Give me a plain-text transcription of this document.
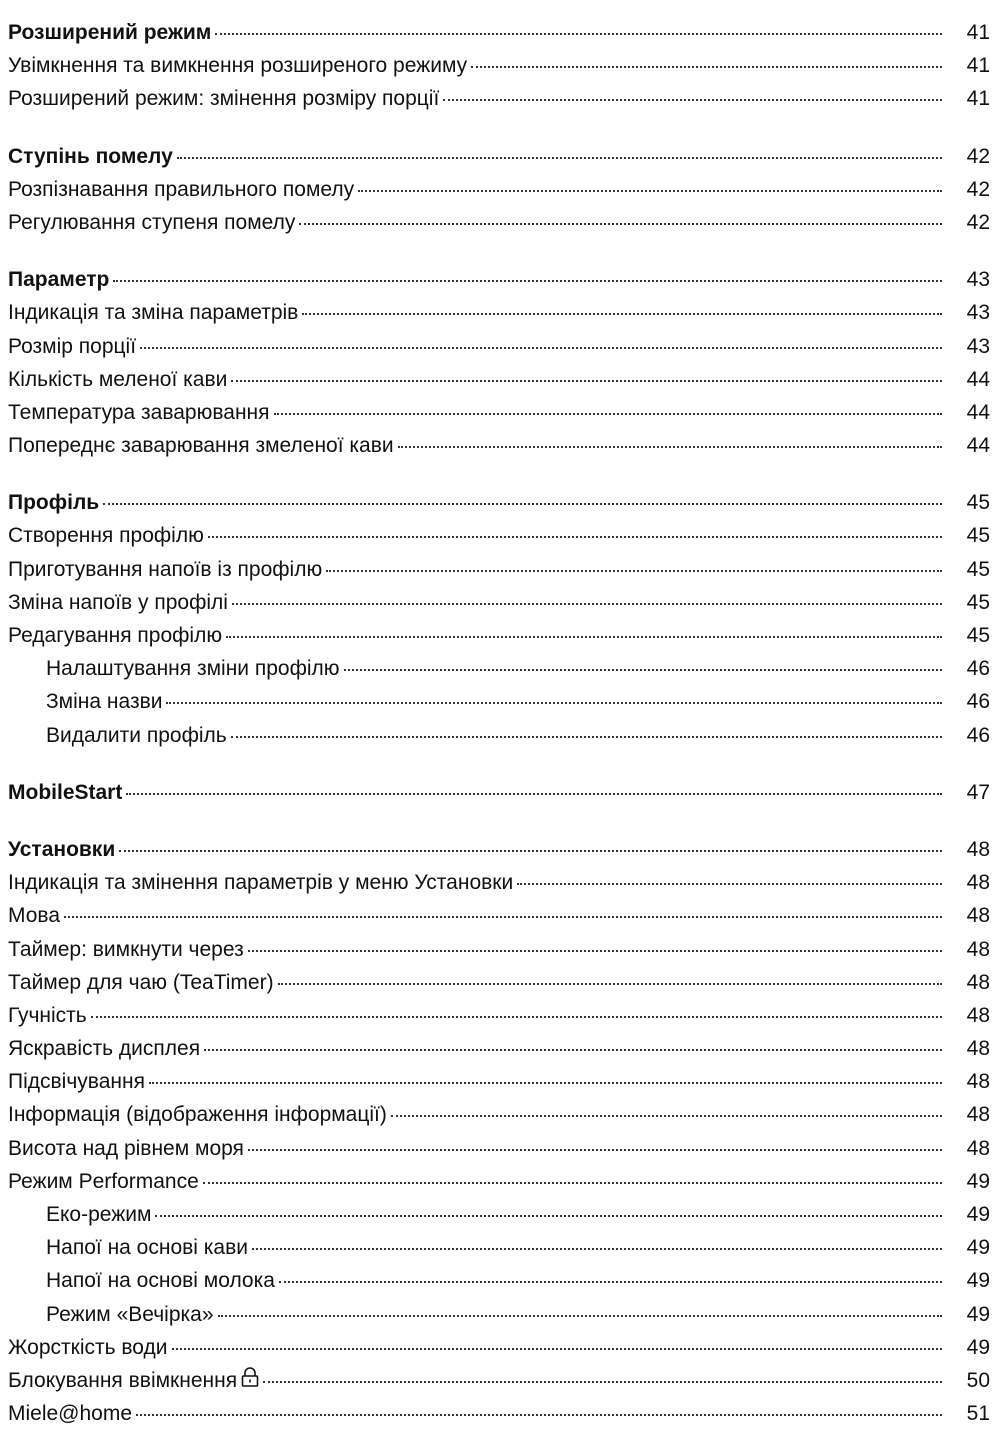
Розширений режим	41
Увімкнення та вимкнення розширеного режиму	41
Розширений режим: змінення розміру порції	41
Ступінь помелу	42
Розпізнавання правильного помелу	42
Регулювання ступеня помелу	42
Параметр	43
Індикація та зміна параметрів	43
Розмір порції	43
Кількість меленої кави	44
Температура заварювання	44
Попереднє заварювання змеленої кави	44
Профіль	45
Створення профілю	45
Приготування напоїв із профілю	45
Зміна напоїв у профілі	45
Редагування профілю	45
Налаштування зміни профілю	46
Зміна назви	46
Видалити профіль	46
MobileStart	47
Установки	48
Індикація та змінення параметрів у меню Установки	48
Мова	48
Таймер: вимкнути через	48
Таймер для чаю (TeaTimer)	48
Гучність	48
Яскравість дисплея	48
Підсвічування	48
Інформація (відображення інформації)	48
Висота над рівнем моря	48
Режим Performance	49
Еко-режим	49
Напої на основі кави	49
Напої на основі молока	49
Режим «Вечірка»	49
Жорсткість води	49
Блокування ввімкнення	50
Miele@home	51
